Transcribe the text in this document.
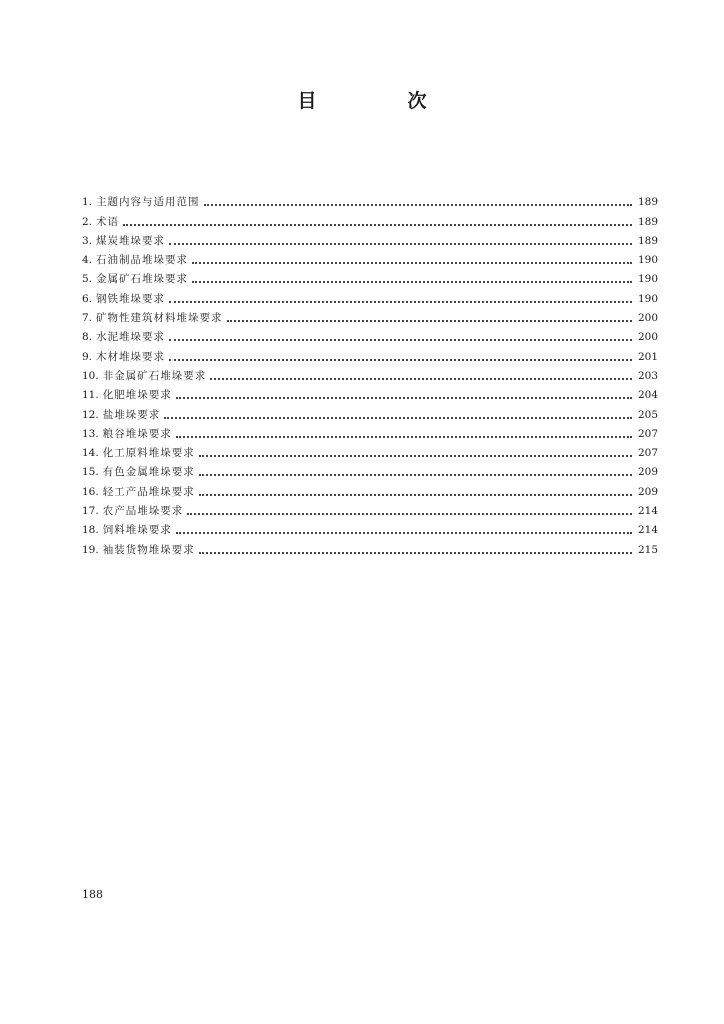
目　次
1. 主题内容与适用范围	189
2. 术语	189
3. 煤炭堆垛要求	189
4. 石油制品堆垛要求	190
5. 金属矿石堆垛要求	190
6. 钢铁堆垛要求	190
7. 矿物性建筑材料堆垛要求	200
8. 水泥堆垛要求	200
9. 木材堆垛要求	201
10. 非金属矿石堆垛要求	203
11. 化肥堆垛要求	204
12. 盐堆垛要求	205
13. 粮谷堆垛要求	207
14. 化工原料堆垛要求	207
15. 有色金属堆垛要求	209
16. 轻工产品堆垛要求	209
17. 农产品堆垛要求	214
18. 饲料堆垛要求	214
19. 袖装货物堆垛要求	215
188
